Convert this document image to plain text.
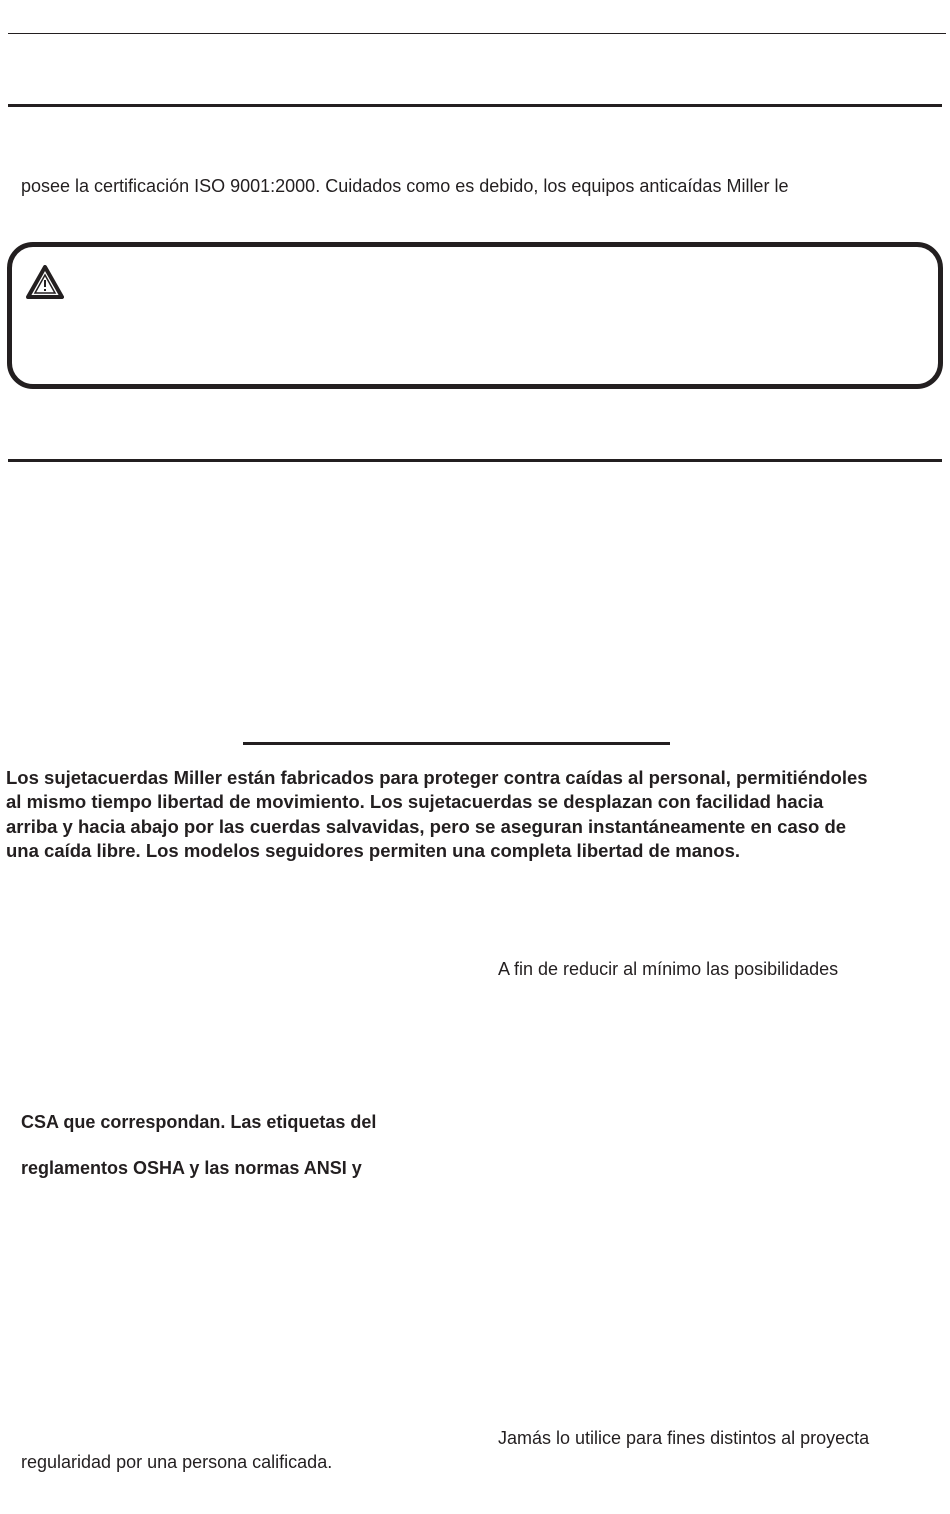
posee la certificación ISO 9001:2000. Cuidados como es debido, los equipos anticaídas Miller le
Los sujetacuerdas Miller están fabricados para proteger contra caídas al personal, permitiéndoles
al mismo tiempo libertad de movimiento. Los sujetacuerdas se desplazan con facilidad hacia
arriba y hacia abajo por las cuerdas salvavidas, pero se aseguran instantáneamente en caso de
una caída libre. Los modelos seguidores permiten una completa libertad de manos.
A fin de reducir al mínimo las posibilidades
CSA que correspondan. Las etiquetas del
reglamentos OSHA y las normas ANSI y
Jamás lo utilice para fines distintos al proyecta
regularidad por una persona calificada.
